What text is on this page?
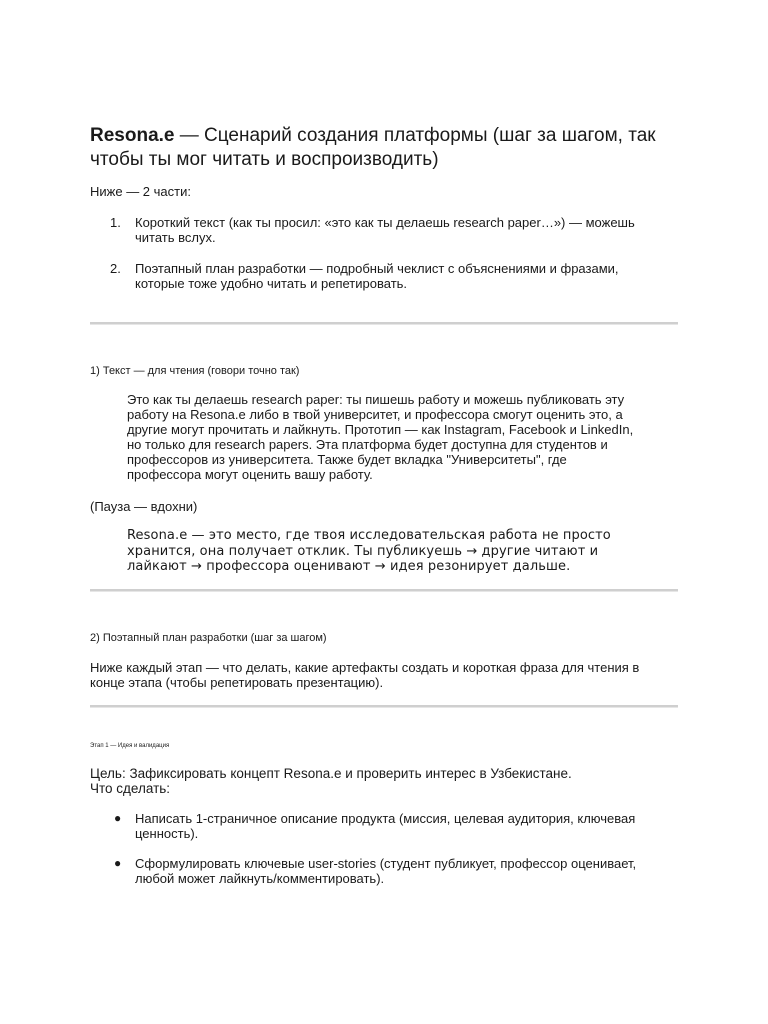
Resona.e — Сценарий создания платформы (шаг за шагом, так чтобы ты мог читать и воспроизводить)

Ниже — 2 части:

1. Короткий текст (как ты просил: «это как ты делаешь research paper…») — можешь читать вслух.
2. Поэтапный план разработки — подробный чеклист с объяснениями и фразами, которые тоже удобно читать и репетировать.

1) Текст — для чтения (говори точно так)

Это как ты делаешь research paper: ты пишешь работу и можешь публиковать эту работу на Resona.e либо в твой университет, и профессора смогут оценить это, а другие могут прочитать и лайкнуть. Прототип — как Instagram, Facebook и LinkedIn, но только для research papers. Эта платформа будет доступна для студентов и профессоров из университета. Также будет вкладка "Университеты", где профессора могут оценить вашу работу.

(Пауза — вдохни)

Resona.e — это место, где твоя исследовательская работа не просто хранится, она получает отклик. Ты публикуешь → другие читают и лайкают → профессора оценивают → идея резонирует дальше.

2) Поэтапный план разработки (шаг за шагом)

Ниже каждый этап — что делать, какие артефакты создать и короткая фраза для чтения в конце этапа (чтобы репетировать презентацию).

Этап 1 — Идея и валидация

Цель: Зафиксировать концепт Resona.e и проверить интерес в Узбекистане.

Что сделать:

● Написать 1-страничное описание продукта (миссия, целевая аудитория, ключевая ценность).
● Сформулировать ключевые user-stories (студент публикует, профессор оценивает, любой может лайкнуть/комментировать).
